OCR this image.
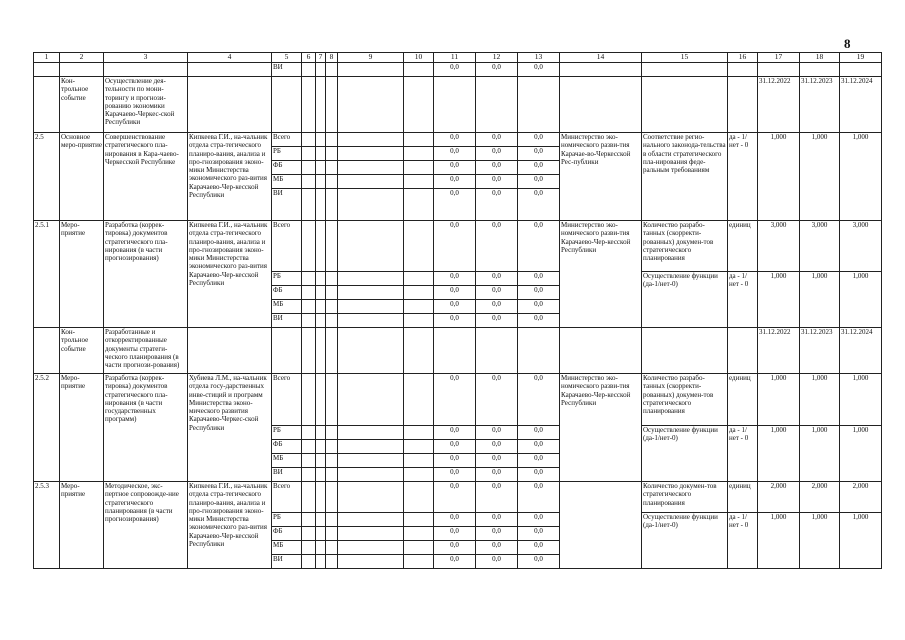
8
1	2	3	4	5	6	7	8	9	10	11	12	13	14	15	16	17	18	19
				ВИ						0,0	0,0	0,0						
	Кон-трольное событие	Осуществление дея-тельности по мони-торингу и прогнози-рованию экономики Карачаево-Черкес-ской Республики														31.12.2022	31.12.2023	31.12.2024
2.5	Основное меро-приятие	Совершенствование стратегического пла-нирования в Кара-чаево-Черкесской Республике	Кипкеева Г.И., на-чальник отдела стра-тегического планиро-вания, анализа и про-гнозирования эконо-мики Министерства экономического раз-вития Карачаево-Чер-кесской Республики	Всего						0,0	0,0	0,0	Министерство эко-номического разви-тия Карачае-во-Черкесской Рес-публики	Соответствие регио-нального законода-тельства в области стратегического пла-нирования феде-ральным требованиям	да - 1/ нет - 0	1,000	1,000	1,000
				РБ						0,0	0,0	0,0						
				ФБ						0,0	0,0	0,0						
				МБ						0,0	0,0	0,0						
				ВИ						0,0	0,0	0,0						
2.5.1	Меро-приятие	Разработка (коррек-тировка) документов стратегического пла-нирования (в части прогнозирования)	Кипкеева Г.И., на-чальник отдела стра-тегического планиро-вания, анализа и про-гнозирования эконо-мики Министерства экономического раз-вития Карачаево-Чер-кесской Республики	Всего						0,0	0,0	0,0	Министерство эко-номического разви-тия Карачаево-Чер-кесской Республики	Количество разрабо-танных (скорректи-рованных) докумен-тов стратегического планирования	единиц	3,000	3,000	3,000
				РБ						0,0	0,0	0,0		Осуществление функции (да-1/нет-0)	да - 1/ нет - 0	1,000	1,000	1,000
				ФБ						0,0	0,0	0,0						
				МБ						0,0	0,0	0,0						
				ВИ						0,0	0,0	0,0						
	Кон-трольное событие	Разработанные и откорректированные документы стратеги-ческого планирования (в части прогнози-рования)														31.12.2022	31.12.2023	31.12.2024
2.5.2	Меро-приятие	Разработка (коррек-тировка) документов стратегического пла-нирования (в части государственных программ)	Хубиева Л.М., на-чальник отдела госу-дарственных инве-стиций и программ Министерства эконо-мического развития Карачаево-Черкес-ской Республики	Всего						0,0	0,0	0,0	Министерство эко-номического разви-тия Карачаево-Чер-кесской Республики	Количество разрабо-танных (скорректи-рованных) докумен-тов стратегического планирования	единиц	1,000	1,000	1,000
				РБ						0,0	0,0	0,0		Осуществление функции (да-1/нет-0)	да - 1/ нет - 0	1,000	1,000	1,000
				ФБ						0,0	0,0	0,0						
				МБ						0,0	0,0	0,0						
				ВИ						0,0	0,0	0,0						
2.5.3	Меро-приятие	Методическое, экс-пертное сопровожде-ние стратегического планирования (в части прогнозирования)	Кипкеева Г.И., на-чальник отдела стра-тегического планиро-вания, анализа и про-гнозирования эконо-мики Министерства экономического раз-вития Карачаево-Чер-кесской Республики	Всего						0,0	0,0	0,0		Количество докумен-тов стратегического планирования	единиц	2,000	2,000	2,000
				РБ						0,0	0,0	0,0		Осуществление функции (да-1/нет-0)	да - 1/ нет - 0	1,000	1,000	1,000
				ФБ						0,0	0,0	0,0						
				МБ						0,0	0,0	0,0						
				ВИ						0,0	0,0	0,0						
